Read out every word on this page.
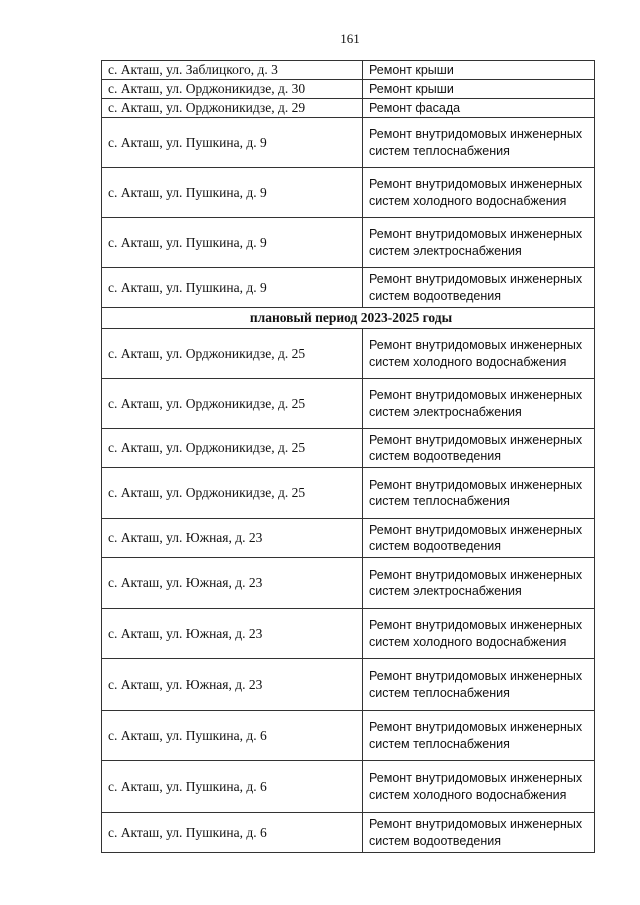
161
с. Акташ, ул. Заблицкого, д. 3	Ремонт крыши
с. Акташ, ул. Орджоникидзе, д. 30	Ремонт крыши
с. Акташ, ул. Орджоникидзе, д. 29	Ремонт фасада
с. Акташ, ул. Пушкина, д. 9	Ремонт внутридомовых инженерных систем теплоснабжения
с. Акташ, ул. Пушкина, д. 9	Ремонт внутридомовых инженерных систем холодного водоснабжения
с. Акташ, ул. Пушкина, д. 9	Ремонт внутридомовых инженерных систем электроснабжения
с. Акташ, ул. Пушкина, д. 9	Ремонт внутридомовых инженерных систем водоотведения
плановый период 2023-2025 годы	
с. Акташ, ул. Орджоникидзе, д. 25	Ремонт внутридомовых инженерных систем холодного водоснабжения
с. Акташ, ул. Орджоникидзе, д. 25	Ремонт внутридомовых инженерных систем электроснабжения
с. Акташ, ул. Орджоникидзе, д. 25	Ремонт внутридомовых инженерных систем водоотведения
с. Акташ, ул. Орджоникидзе, д. 25	Ремонт внутридомовых инженерных систем теплоснабжения
с. Акташ, ул. Южная, д. 23	Ремонт внутридомовых инженерных систем водоотведения
с. Акташ, ул. Южная, д. 23	Ремонт внутридомовых инженерных систем электроснабжения
с. Акташ, ул. Южная, д. 23	Ремонт внутридомовых инженерных систем холодного водоснабжения
с. Акташ, ул. Южная, д. 23	Ремонт внутридомовых инженерных систем теплоснабжения
с. Акташ, ул. Пушкина, д. 6	Ремонт внутридомовых инженерных систем теплоснабжения
с. Акташ, ул. Пушкина, д. 6	Ремонт внутридомовых инженерных систем холодного водоснабжения
с. Акташ, ул. Пушкина, д. 6	Ремонт внутридомовых инженерных систем водоотведения
